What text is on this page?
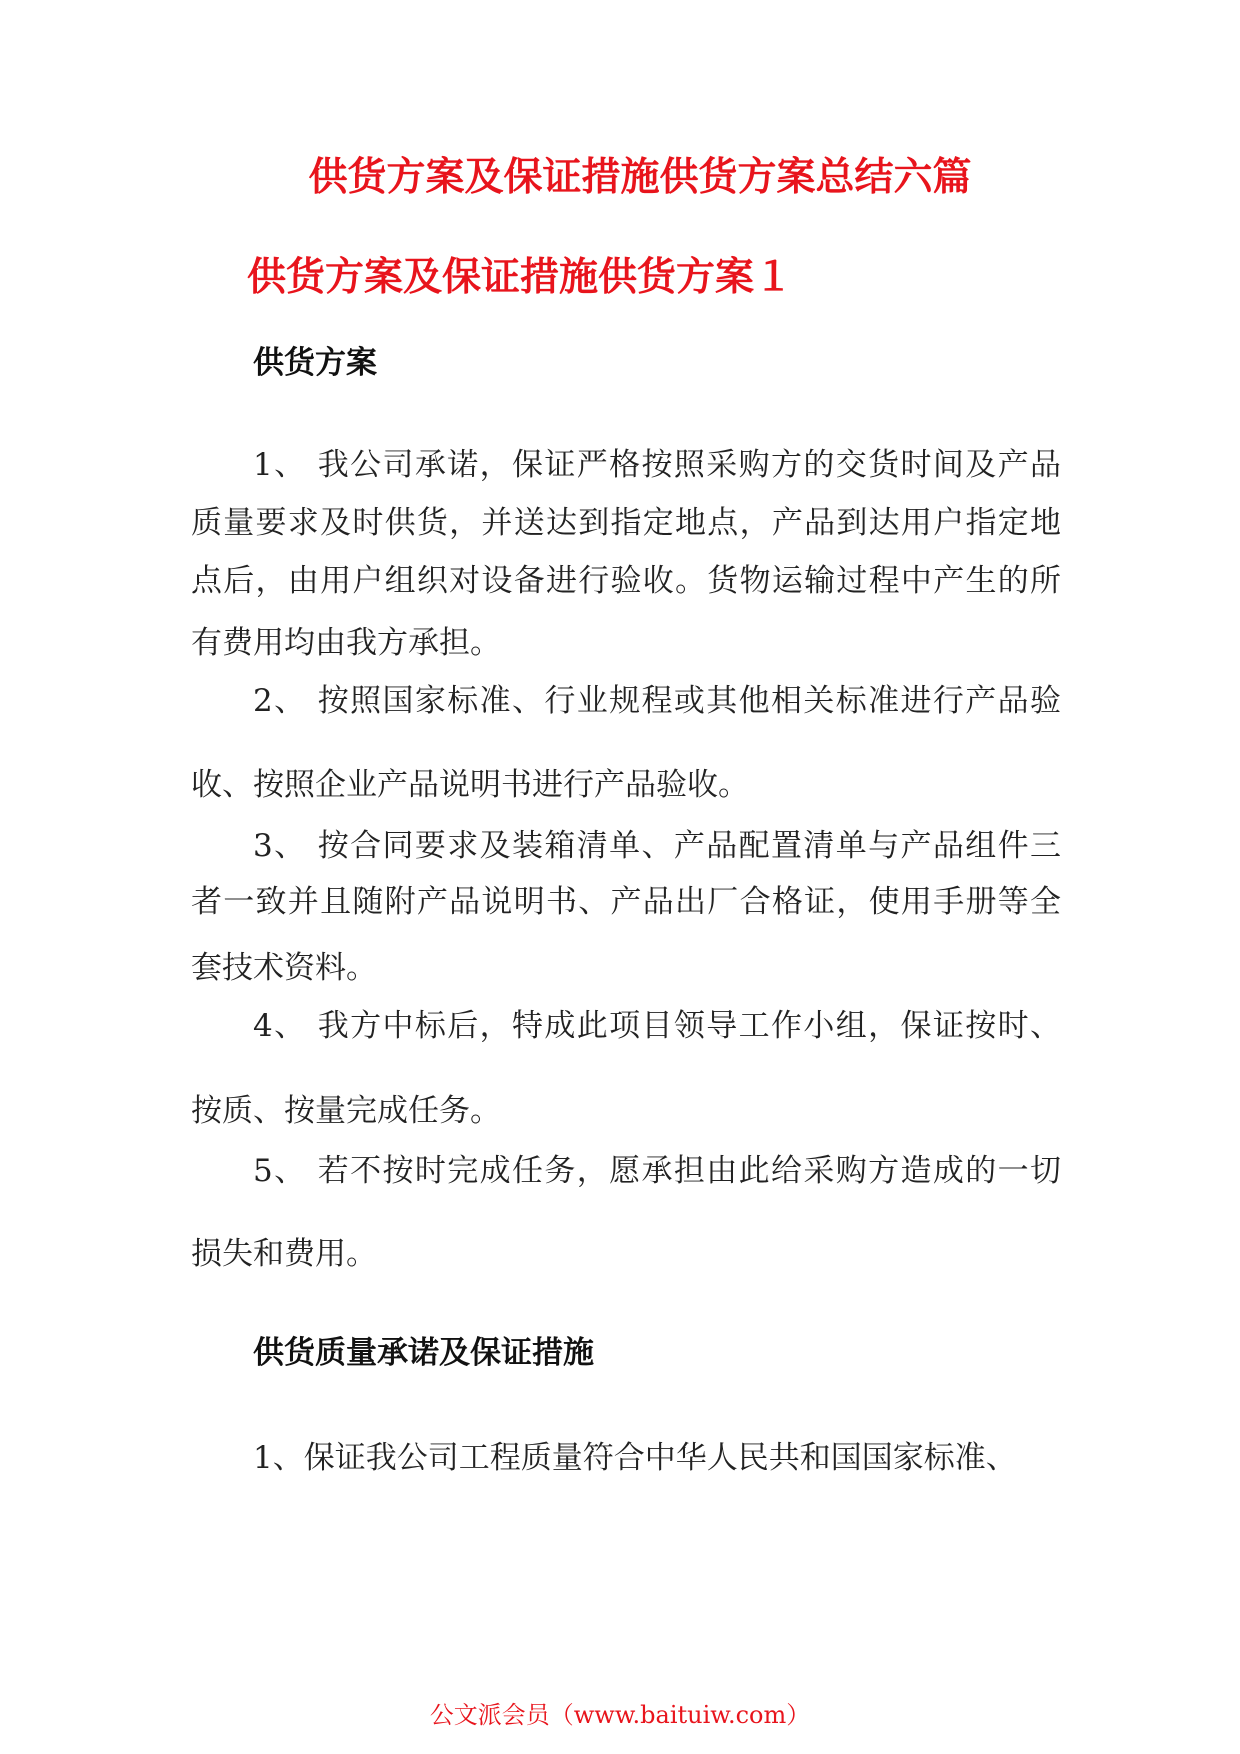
供货方案及保证措施供货方案总结六篇
供货方案及保证措施供货方案１
供货方案

1、 我公司承诺，保证严格按照采购方的交货时间及产品

质量要求及时供货，并送达到指定地点，产品到达用户指定地

点后，由用户组织对设备进行验收。货物运输过程中产生的所

有费用均由我方承担。

2、 按照国家标准、行业规程或其他相关标准进行产品验

收、按照企业产品说明书进行产品验收。

3、 按合同要求及装箱清单、产品配置清单与产品组件三

者一致并且随附产品说明书、产品出厂合格证，使用手册等全

套技术资料。

4、 我方中标后，特成此项目领导工作小组，保证按时、

按质、按量完成任务。

5、 若不按时完成任务，愿承担由此给采购方造成的一切

损失和费用。

供货质量承诺及保证措施

1、保证我公司工程质量符合中华人民共和国国家标准、

公文派会员（www.baituiw.com）
